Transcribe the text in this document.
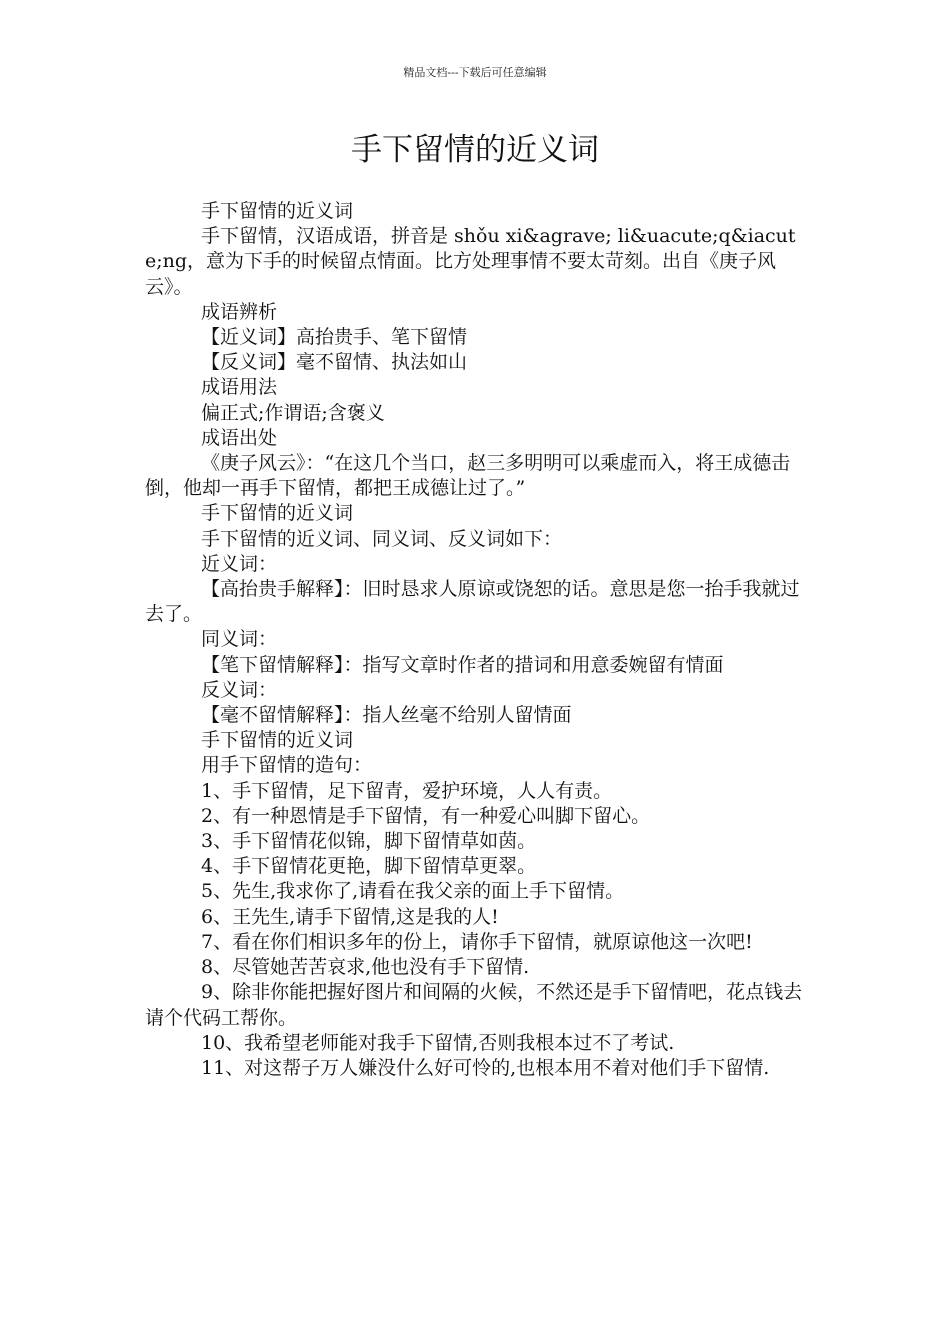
精品文档---下载后可任意编辑
手下留情的近义词

手下留情的近义词

手下留情，汉语成语，拼音是 shǒu xi&agrave; li&uacute;q&iacute;ng，意为下手的时候留点情面。比方处理事情不要太苛刻。出自《庚子风云》。

成语辨析

【近义词】高抬贵手、笔下留情

【反义词】毫不留情、执法如山

成语用法

偏正式;作谓语;含褒义

成语出处

《庚子风云》：“在这几个当口，赵三多明明可以乘虚而入，将王成德击倒，他却一再手下留情，都把王成德让过了。”

手下留情的近义词

手下留情的近义词、同义词、反义词如下：

近义词：

【高抬贵手解释】：旧时恳求人原谅或饶恕的话。意思是您一抬手我就过去了。

同义词：

【笔下留情解释】：指写文章时作者的措词和用意委婉留有情面

反义词：

【毫不留情解释】：指人丝毫不给别人留情面

手下留情的近义词

用手下留情的造句：

1、手下留情，足下留青，爱护环境，人人有责。

2、有一种恩情是手下留情，有一种爱心叫脚下留心。

3、手下留情花似锦，脚下留情草如茵。

4、手下留情花更艳，脚下留情草更翠。

5、先生,我求你了,请看在我父亲的面上手下留情。

6、王先生,请手下留情,这是我的人!

7、看在你们相识多年的份上，请你手下留情，就原谅他这一次吧!

8、尽管她苦苦哀求,他也没有手下留情.

9、除非你能把握好图片和间隔的火候，不然还是手下留情吧，花点钱去请个代码工帮你。

10、我希望老师能对我手下留情,否则我根本过不了考试.

11、对这帮子万人嫌没什么好可怜的,也根本用不着对他们手下留情.
